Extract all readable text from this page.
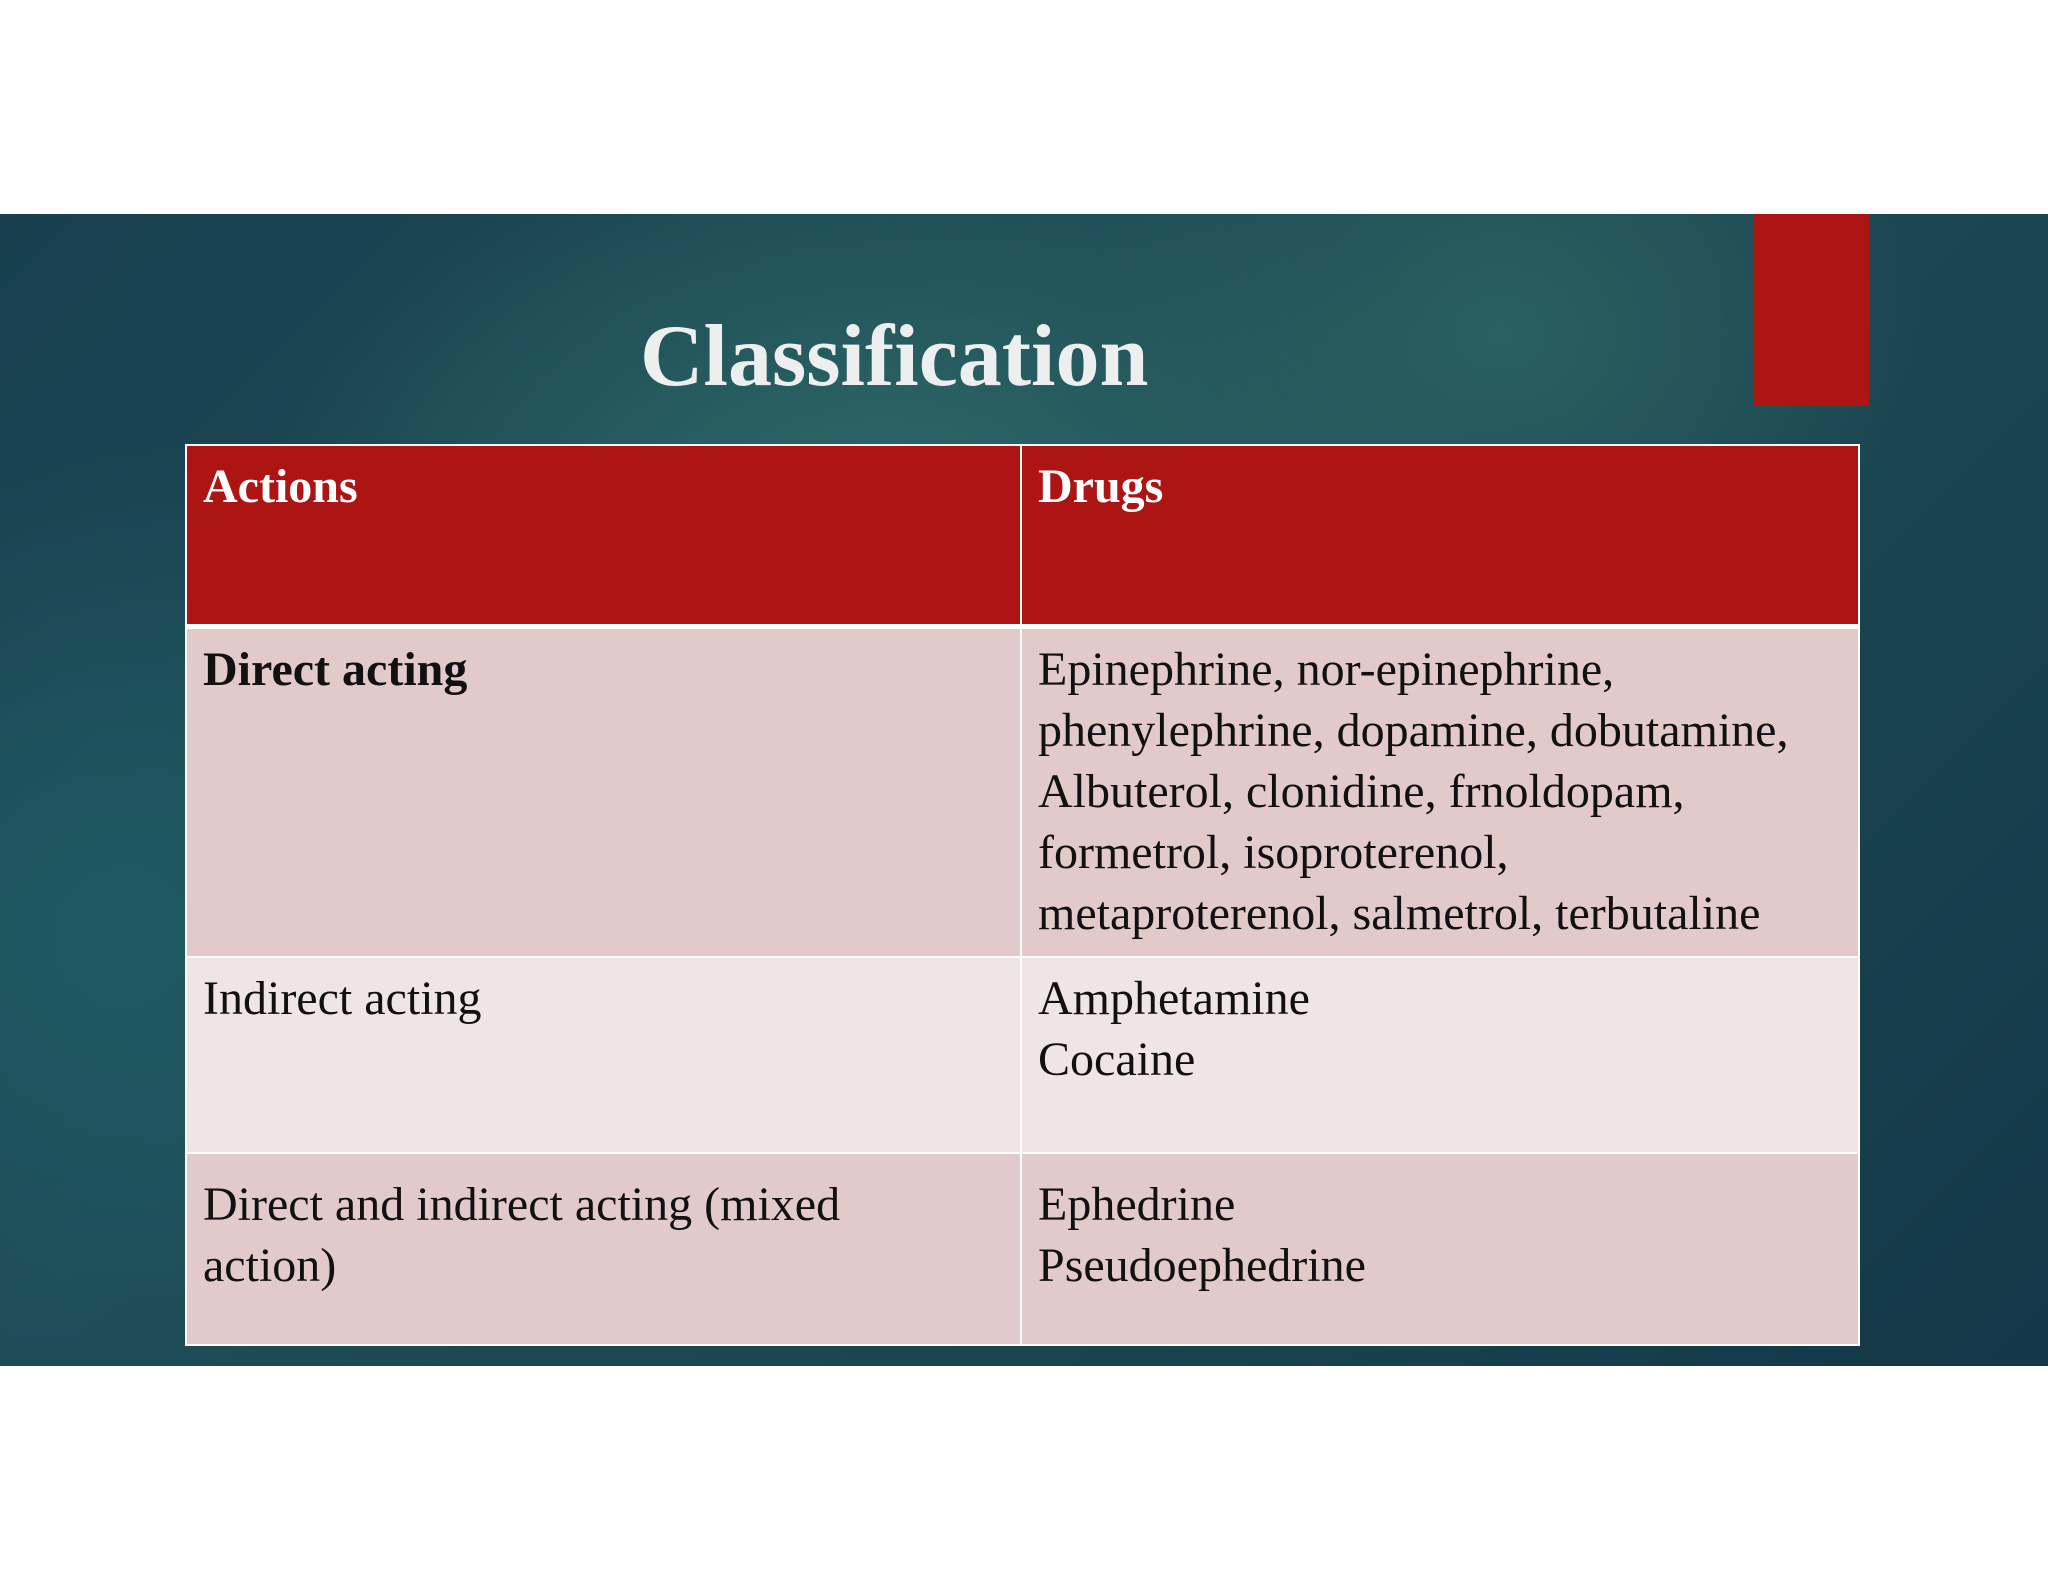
Classification
Actions	Drugs
Direct acting	Epinephrine, nor-epinephrine,
phenylephrine, dopamine, dobutamine,
Albuterol, clonidine, frnoldopam,
formetrol, isoproterenol,
metaproterenol, salmetrol, terbutaline

Indirect acting	Amphetamine
Cocaine

Direct and indirect acting (mixed
action)	Ephedrine
Pseudoephedrine
